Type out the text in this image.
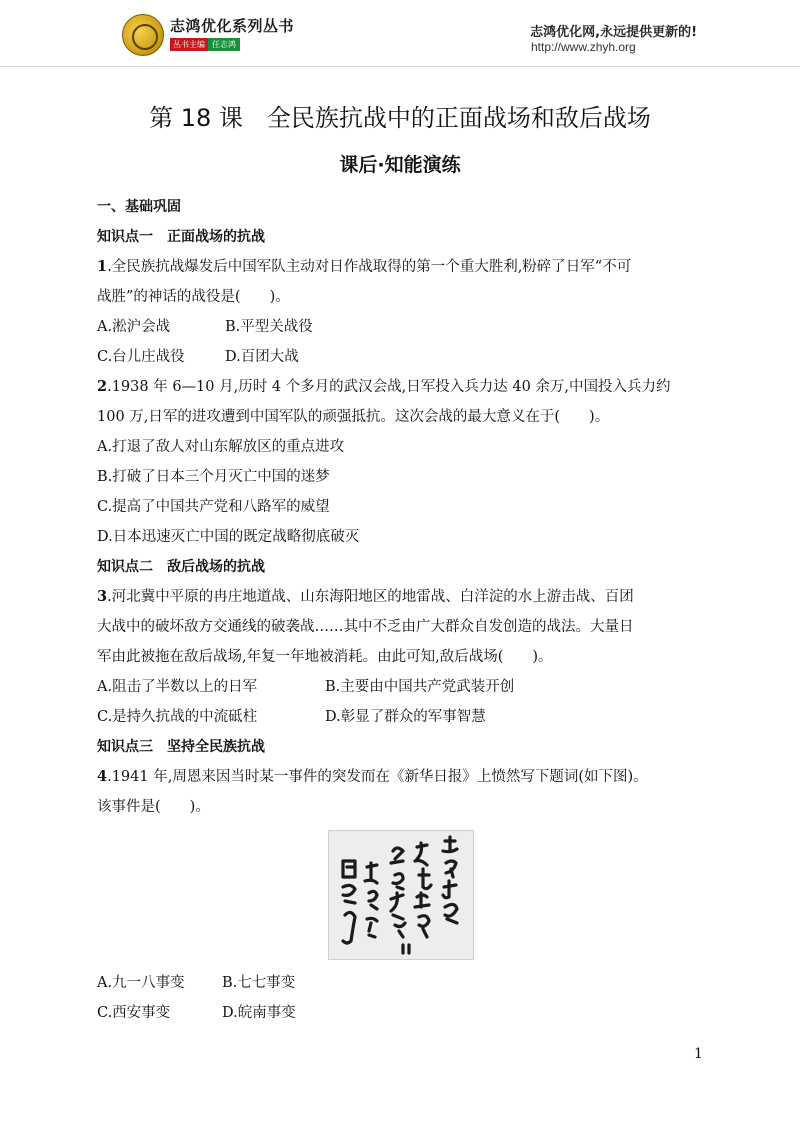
志鸿优化系列丛书
丛书主编 任志鸿
志鸿优化网,永远提供更新的!
http://www.zhyh.org
第 18 课　全民族抗战中的正面战场和敌后战场
课后·知能演练
一、基础巩固
知识点一　正面战场的抗战
1.全民族抗战爆发后中国军队主动对日作战取得的第一个重大胜利,粉碎了日军“不可
战胜”的神话的战役是(　　)。
A.淞沪会战	B.平型关战役
C.台儿庄战役	D.百团大战
2.1938 年 6—10 月,历时 4 个多月的武汉会战,日军投入兵力达 40 余万,中国投入兵力约
100 万,日军的进攻遭到中国军队的顽强抵抗。这次会战的最大意义在于(　　)。
A.打退了敌人对山东解放区的重点进攻
B.打破了日本三个月灭亡中国的迷梦
C.提高了中国共产党和八路军的威望
D.日本迅速灭亡中国的既定战略彻底破灭
知识点二　敌后战场的抗战
3.河北冀中平原的冉庄地道战、山东海阳地区的地雷战、白洋淀的水上游击战、百团
大战中的破坏敌方交通线的破袭战……其中不乏由广大群众自发创造的战法。大量日
军由此被拖在敌后战场,年复一年地被消耗。由此可知,敌后战场(　　)。
A.阻击了半数以上的日军	B.主要由中国共产党武装开创
C.是持久抗战的中流砥柱	D.彰显了群众的军事智慧
知识点三　坚持全民族抗战
4.1941 年,周恩来因当时某一事件的突发而在《新华日报》上愤然写下题词(如下图)。
该事件是(　　)。
A.九一八事变	B.七七事变
C.西安事变	D.皖南事变
1
